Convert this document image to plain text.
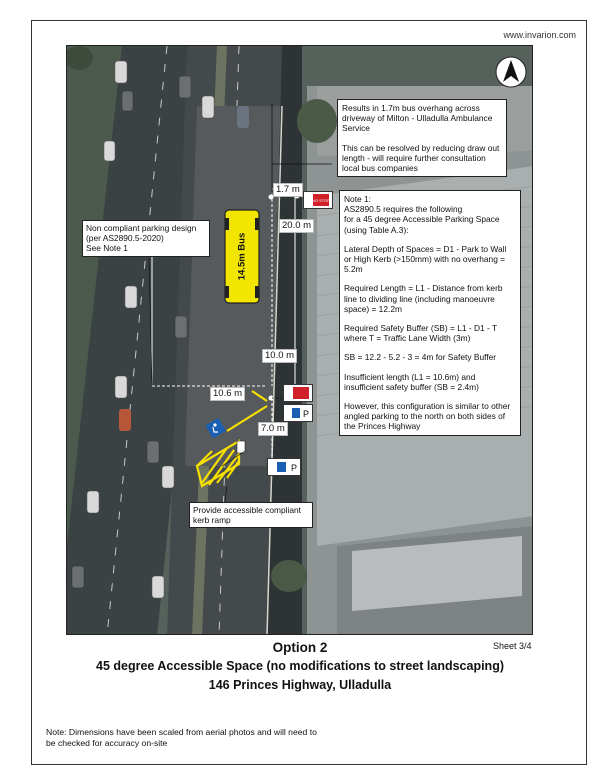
www.invarion.com
NO STOP
P
P
14.5m Bus
1.7 m
20.0 m
10.0 m
10.6 m
7.0 m

Results in 1.7m bus overhang across driveway of Milton - Ulladulla Ambulance Service

This can be resolved by reducing draw out length - will require further consultation local bus companies

Non compliant parking design
(per AS2890.5-2020)
See Note 1

Note 1:
AS2890.5 requires the following
for a 45 degree Accessible Parking Space
(using Table A.3):

Lateral Depth of Spaces = D1 - Park to Wall or High Kerb (>150mm) with no overhang = 5.2m

Required Length = L1 - Distance from kerb line to dividing line (including manoeuvre space) = 12.2m

Required Safety Buffer (SB) = L1 - D1 - T where T = Traffic Lane Width (3m)

SB = 12.2 - 5.2 - 3 = 4m for Safety Buffer

Insufficient length (L1 = 10.6m) and insufficient safety buffer (SB = 2.4m)

However, this configuration is similar to other angled parking to the north on both sides of the Princes Highway

Provide accessible compliant
kerb ramp

Sheet 3/4
Option 2
45 degree Accessible Space (no modifications to street landscaping)
146 Princes Highway, Ulladulla
Note: Dimensions have been scaled from aerial photos and will need to be checked for accuracy on-site
